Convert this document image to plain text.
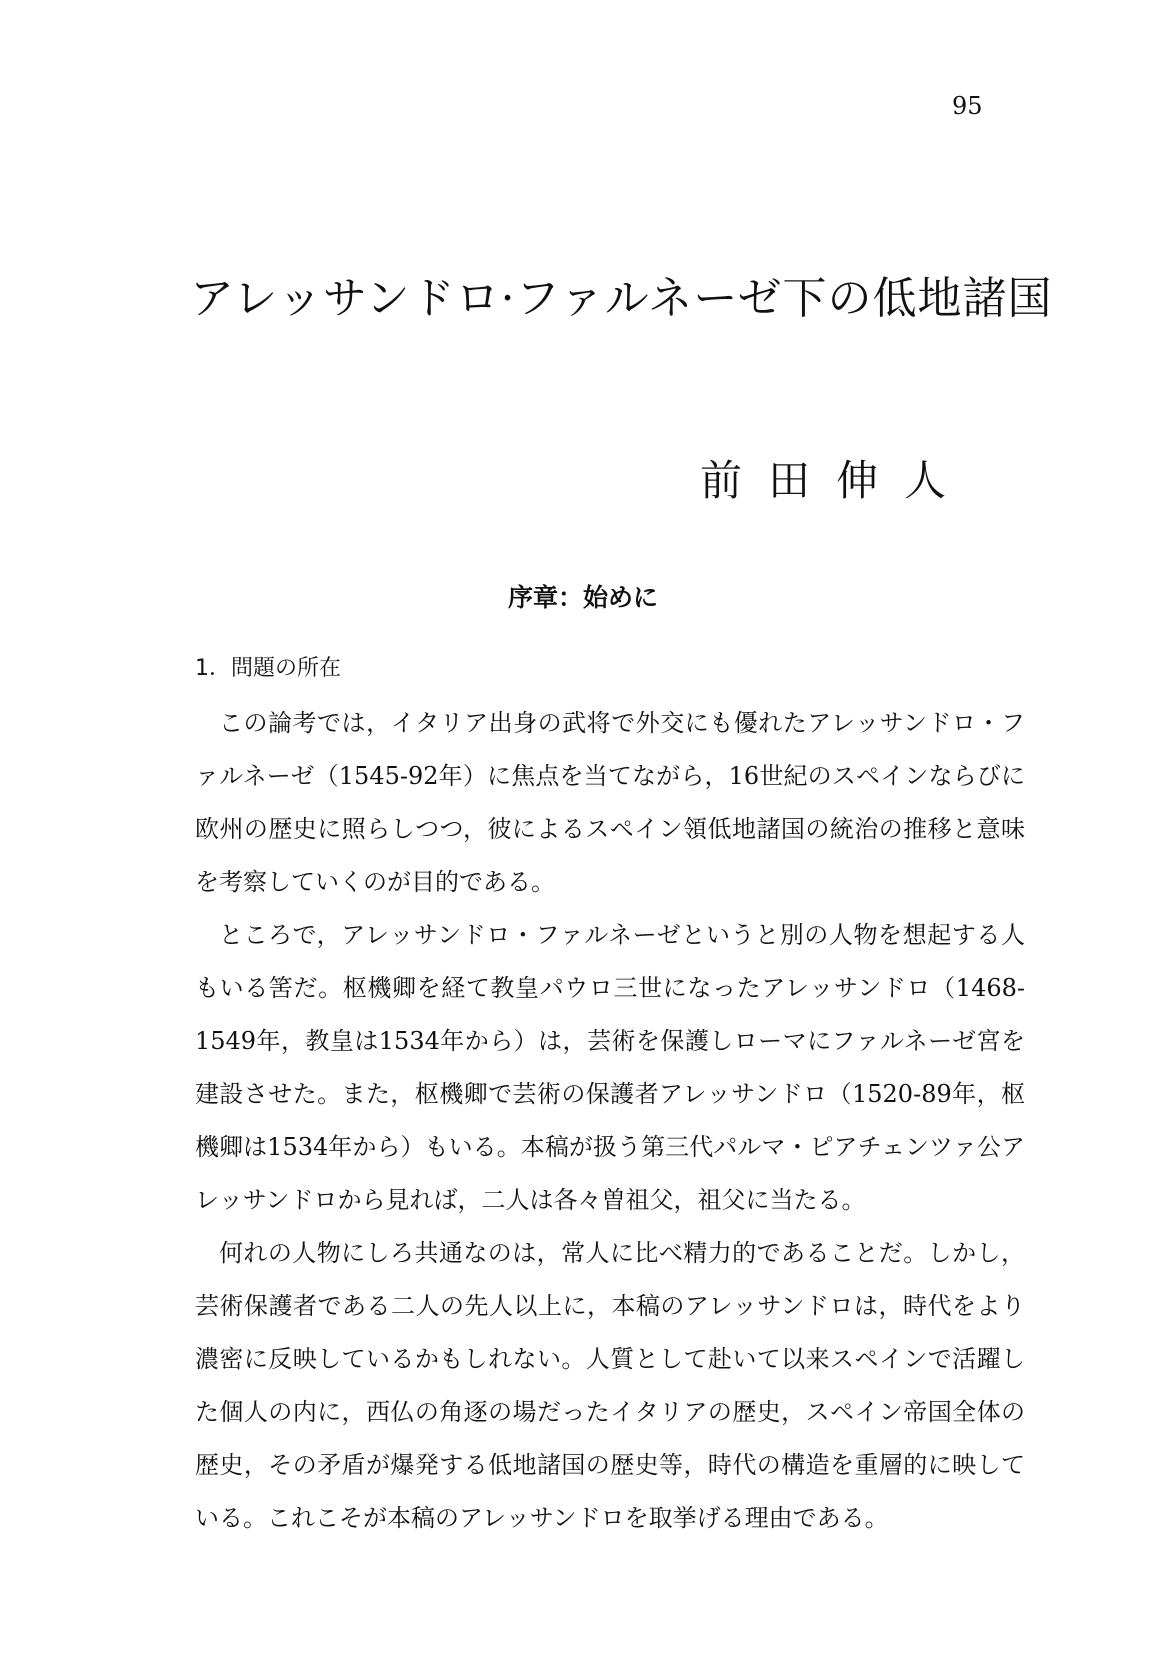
95
アレッサンドロ·ファルネーゼ下の低地諸国
前田伸人
序章：始めに
1．問題の所在

この論考では，イタリア出身の武将で外交にも優れたアレッサンドロ・ファルネーゼ（1545-92年）に焦点を当てながら，16世紀のスペインならびに欧州の歴史に照らしつつ，彼によるスペイン領低地諸国の統治の推移と意味を考察していくのが目的である。

ところで，アレッサンドロ・ファルネーゼというと別の人物を想起する人もいる筈だ。枢機卿を経て教皇パウロ三世になったアレッサンドロ（1468-1549年，教皇は1534年から）は，芸術を保護しローマにファルネーゼ宮を建設させた。また，枢機卿で芸術の保護者アレッサンドロ（1520-89年，枢機卿は1534年から）もいる。本稿が扱う第三代パルマ・ピアチェンツァ公アレッサンドロから見れば，二人は各々曽祖父，祖父に当たる。

何れの人物にしろ共通なのは，常人に比べ精力的であることだ。しかし，芸術保護者である二人の先人以上に，本稿のアレッサンドロは，時代をより濃密に反映しているかもしれない。人質として赴いて以来スペインで活躍した個人の内に，西仏の角逐の場だったイタリアの歴史，スペイン帝国全体の歴史，その矛盾が爆発する低地諸国の歴史等，時代の構造を重層的に映している。これこそが本稿のアレッサンドロを取挙げる理由である。
